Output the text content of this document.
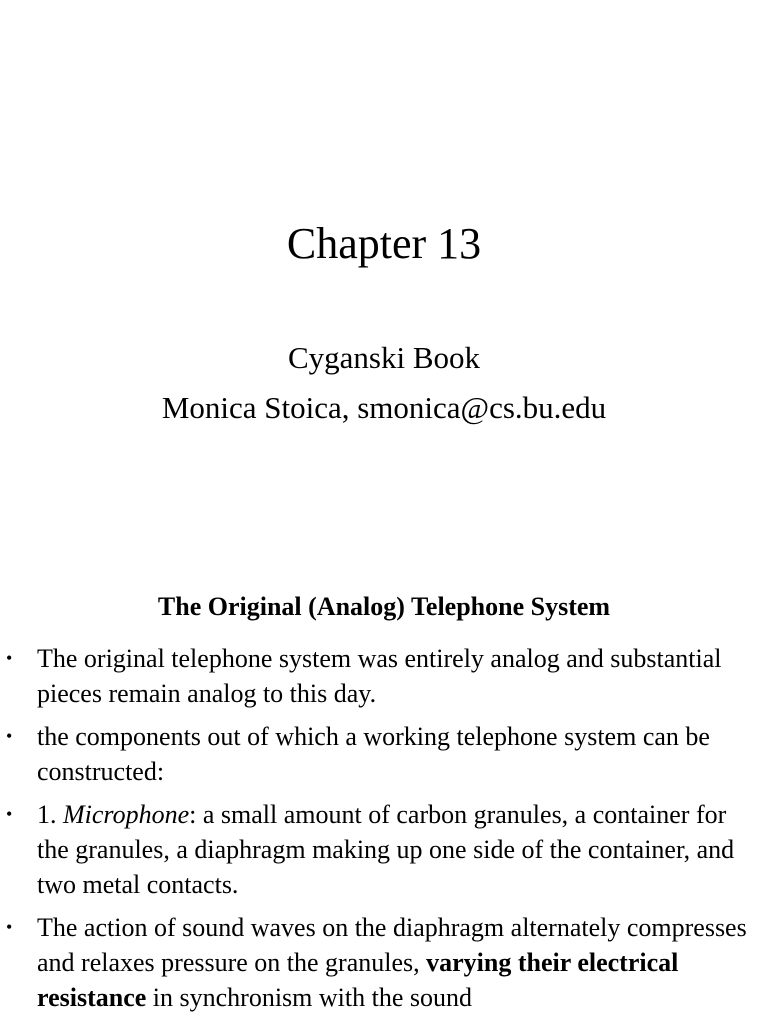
Chapter 13
Cyganski Book
Monica Stoica, smonica@cs.bu.edu
The Original (Analog) Telephone System
• The original telephone system was entirely analog and substantial pieces remain analog to this day.
• the components out of which a working telephone system can be constructed:
• 1. Microphone: a small amount of carbon granules, a container for the granules, a diaphragm making up one side of the container, and two metal contacts.
• The action of sound waves on the diaphragm alternately compresses and relaxes pressure on the granules, varying their electrical resistance in synchronism with the sound
